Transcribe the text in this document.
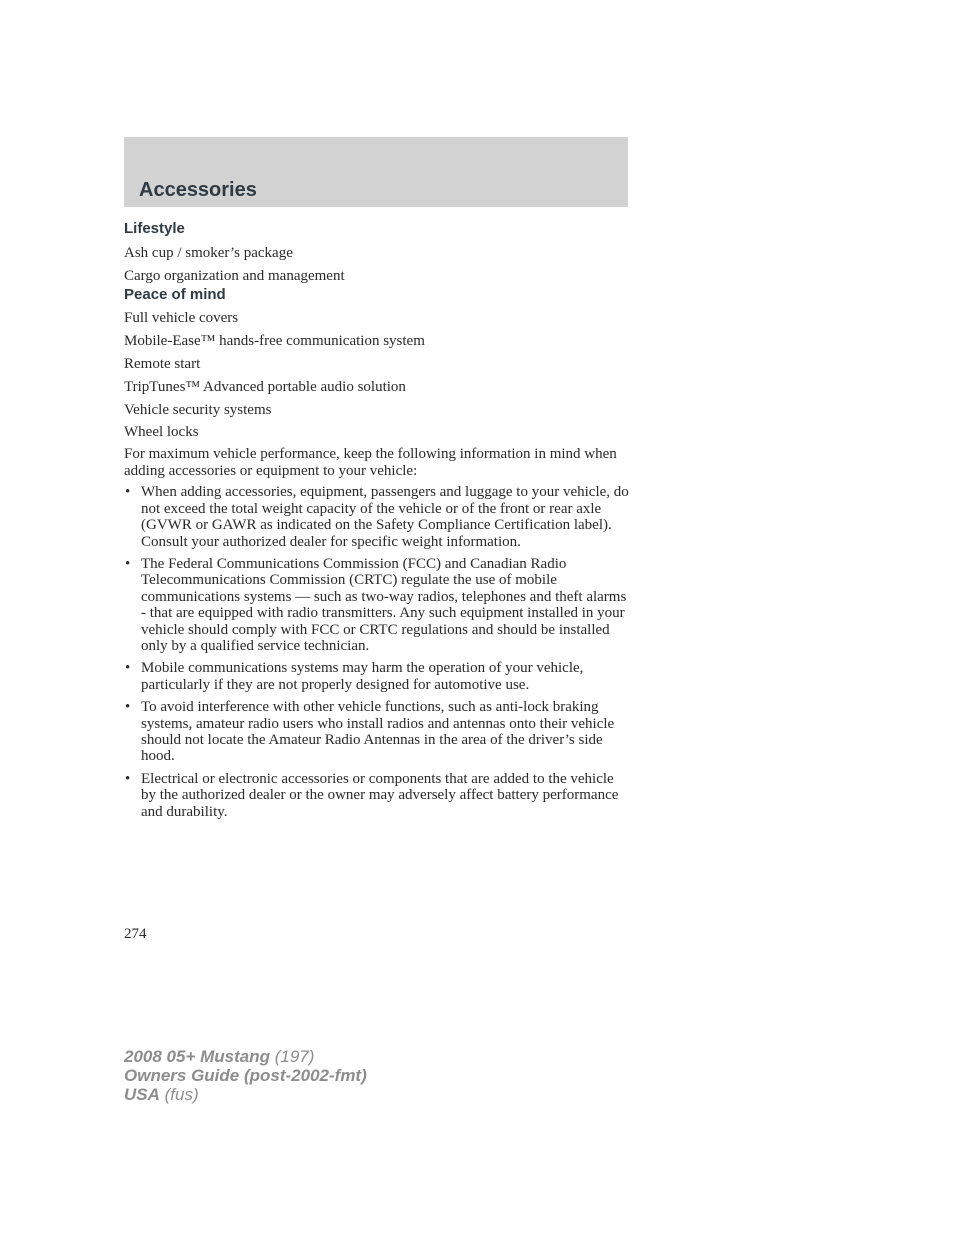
Accessories
Lifestyle
Ash cup / smoker’s package
Cargo organization and management
Peace of mind
Full vehicle covers
Mobile-Ease™ hands-free communication system
Remote start
TripTunes™ Advanced portable audio solution
Vehicle security systems
Wheel locks

For maximum vehicle performance, keep the following information in mind when adding accessories or equipment to your vehicle:

• When adding accessories, equipment, passengers and luggage to your vehicle, do not exceed the total weight capacity of the vehicle or of the front or rear axle (GVWR or GAWR as indicated on the Safety Compliance Certification label). Consult your authorized dealer for specific weight information.
• The Federal Communications Commission (FCC) and Canadian Radio Telecommunications Commission (CRTC) regulate the use of mobile communications systems — such as two-way radios, telephones and theft alarms - that are equipped with radio transmitters. Any such equipment installed in your vehicle should comply with FCC or CRTC regulations and should be installed only by a qualified service technician.
• Mobile communications systems may harm the operation of your vehicle, particularly if they are not properly designed for automotive use.
• To avoid interference with other vehicle functions, such as anti-lock braking systems, amateur radio users who install radios and antennas onto their vehicle should not locate the Amateur Radio Antennas in the area of the driver’s side hood.
• Electrical or electronic accessories or components that are added to the vehicle by the authorized dealer or the owner may adversely affect battery performance and durability.
274
2008 05+ Mustang (197)
Owners Guide (post-2002-fmt)
USA (fus)
